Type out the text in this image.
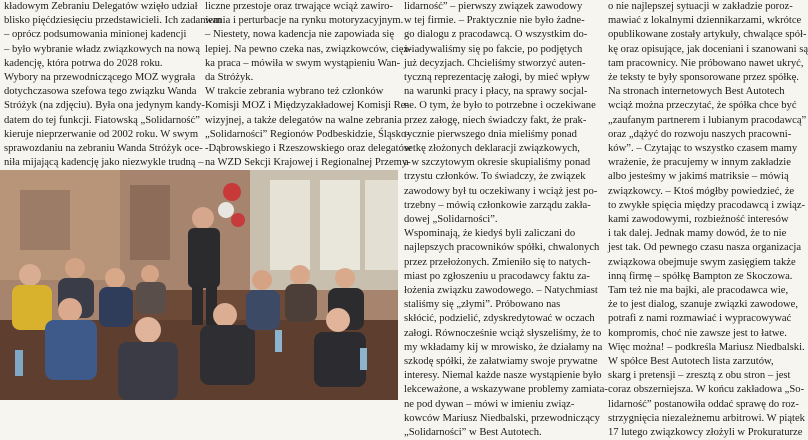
kładowym Zebraniu Delegatów wzięło udział
blisko pięćdziesięciu przedstawicieli. Ich zadaniem
– oprócz podsumowania minionej kadencji
– było wybranie władz związkowych na nową
kadencję, która potrwa do 2028 roku.
Wybory na przewodniczącego MOZ wygrała
dotychczasowa szefowa tego związku Wanda
Stróżyk (na zdjęciu). Była ona jedynym kandy-
datem do tej funkcji. Fiatowską „Solidarność”
kieruje nieprzerwanie od 2002 roku. W swym
sprawozdaniu na zebraniu Wanda Stróżyk oce-
niła mijającą kadencję jako niezwykle trudną –
liczne przestoje oraz trwające wciąż zawiro-
wania i perturbacje na rynku motoryzacyjnym.
– Niestety, nowa kadencja nie zapowiada się
lepiej. Na pewno czeka nas, związkowców, cięż-
ka praca – mówiła w swym wystąpieniu Wan-
da Stróżyk.
W trakcie zebrania wybrano też członków
Komisji MOZ i Międzyzakładowej Komisji Re-
wizyjnej, a także delegatów na walne zebrania
„Solidarności” Regionów Podbeskidzie, Śląsko-
-Dąbrowskiego i Rzeszowskiego oraz delegatów
na WZD Sekcji Krajowej i Regionalnej Przemy-
lidarność” – pierwszy związek zawodowy
w tej firmie. – Praktycznie nie było żadne-
go dialogu z pracodawcą. O wszystkim do-
wiadywaliśmy się po fakcie, po podjętych
już decyzjach. Chcieliśmy stworzyć auten-
tyczną reprezentację załogi, by mieć wpływ
na warunki pracy i płacy, na sprawy socjal-
ne. O tym, że było to potrzebne i oczekiwane
przez załogę, niech świadczy fakt, że prak-
tycznie pierwszego dnia mieliśmy ponad
setkę złożonych deklaracji związkowych,
a w szczytowym okresie skupialiśmy ponad
trzystu członków. To świadczy, że związek
zawodowy był tu oczekiwany i wciąż jest po-
trzebny – mówią członkowie zarządu zakła-
dowej „Solidarności”.
Wspominają, że kiedyś byli zaliczani do
najlepszych pracowników spółki, chwalonych
przez przełożonych. Zmieniło się to natych-
miast po zgłoszeniu u pracodawcy faktu za-
łożenia związku zawodowego. – Natychmiast
staliśmy się „złymi”. Próbowano nas
skłócić, podzielić, zdyskredytować w oczach
załogi. Równocześnie wciąż słyszeliśmy, że to
my wkładamy kij w mrowisko, że działamy na
szkodę spółki, że załatwiamy swoje prywatne
interesy. Niemal każde nasze wystąpienie było
lekceważone, a wskazywane problemy zamiata-
ne pod dywan – mówi w imieniu związ-
kowców Mariusz Niedbalski, przewodniczący
„Solidarności” w Best Autotech.
o nie najlepszej sytuacji w zakładzie poroz-
mawiać z lokalnymi dziennikarzami, wkrótce
opublikowane zostały artykuły, chwalące spół-
kę oraz opisujące, jak doceniani i szanowani są
tam pracownicy. Nie próbowano nawet ukryć,
że teksty te były sponsorowane przez spółkę.
Na stronach internetowych Best Autotech
wciąż można przeczytać, że spółka chce być
„zaufanym partnerem i lubianym pracodawcą”
oraz „dążyć do rozwoju naszych pracowni-
ków”. – Czytając to wszystko czasem mamy
wrażenie, że pracujemy w innym zakładzie
albo jesteśmy w jakimś matriksie – mówią
związkowcy. – Ktoś mógłby powiedzieć, że
to zwykłe spięcia między pracodawcą i związ-
kami zawodowymi, rozbieżność interesów
i tak dalej. Jednak mamy dowód, że to nie
jest tak. Od pewnego czasu nasza organizacja
związkowa obejmuje swym zasięgiem także
inną firmę – spółkę Bampton ze Skoczowa.
Tam też nie ma bajki, ale pracodawca wie,
że to jest dialog, szanuje związki zawodowe,
potrafi z nami rozmawiać i wypracowywać
kompromis, choć nie zawsze jest to łatwe.
Więc można! – podkreśla Mariusz Niedbalski.
W spółce Best Autotech lista zarzutów,
skarg i pretensji – zresztą z obu stron – jest
coraz obszerniejsza. W końcu zakładowa „So-
lidarność” postanowiła oddać sprawę do roz-
strzygnięcia niezależnemu arbitrowi. W piątek
17 lutego związkowcy złożyli w Prokuraturze
